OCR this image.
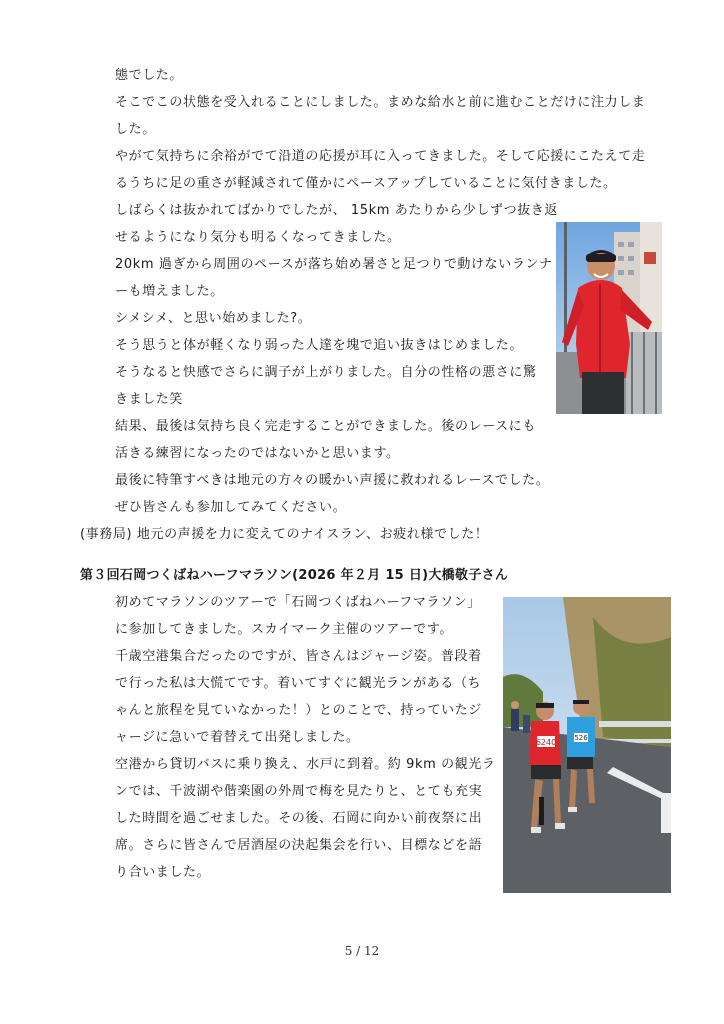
態でした。
そこでこの状態を受入れることにしました。まめな給水と前に進むことだけに注力しま
した。
やがて気持ちに余裕がでて沿道の応援が耳に入ってきました。そして応援にこたえて走
るうちに足の重さが軽減されて僅かにペースアップしていることに気付きました。
しばらくは抜かれてばかりでしたが、 15km あたりから少しずつ抜き返
せるようになり気分も明るくなってきました。
20km 過ぎから周囲のペースが落ち始め暑さと足つりで動けないランナ
ーも増えました。
シメシメ、と思い始めました?。
そう思うと体が軽くなり弱った人達を塊で追い抜きはじめました。
そうなると快感でさらに調子が上がりました。自分の性格の悪さに驚
きました笑
結果、最後は気持ち良く完走することができました。後のレースにも
活きる練習になったのではないかと思います。
最後に特筆すべきは地元の方々の暖かい声援に救われるレースでした。
ぜひ皆さんも参加してみてください。
(事務局) 地元の声援を力に変えてのナイスラン、お疲れ様でした！
第３回石岡つくばねハーフマラソン(2026 年２月 15 日)大橋敬子さん
初めてマラソンのツアーで「石岡つくばねハーフマラソン」
に参加してきました。スカイマーク主催のツアーです。
千歳空港集合だったのですが、皆さんはジャージ姿。普段着
で行った私は大慌てです。着いてすぐに観光ランがある（ち
ゃんと旅程を見ていなかった！）とのことで、持っていたジ
ャージに急いで着替えて出発しました。
空港から貸切バスに乗り換え、水戸に到着。約 9km の観光ラ
ンでは、千波湖や偕楽園の外周で梅を見たりと、とても充実
した時間を過ごせました。その後、石岡に向かい前夜祭に出
席。さらに皆さんで居酒屋の決起集会を行い、目標などを語
り合いました。
6240	526
5 / 12
